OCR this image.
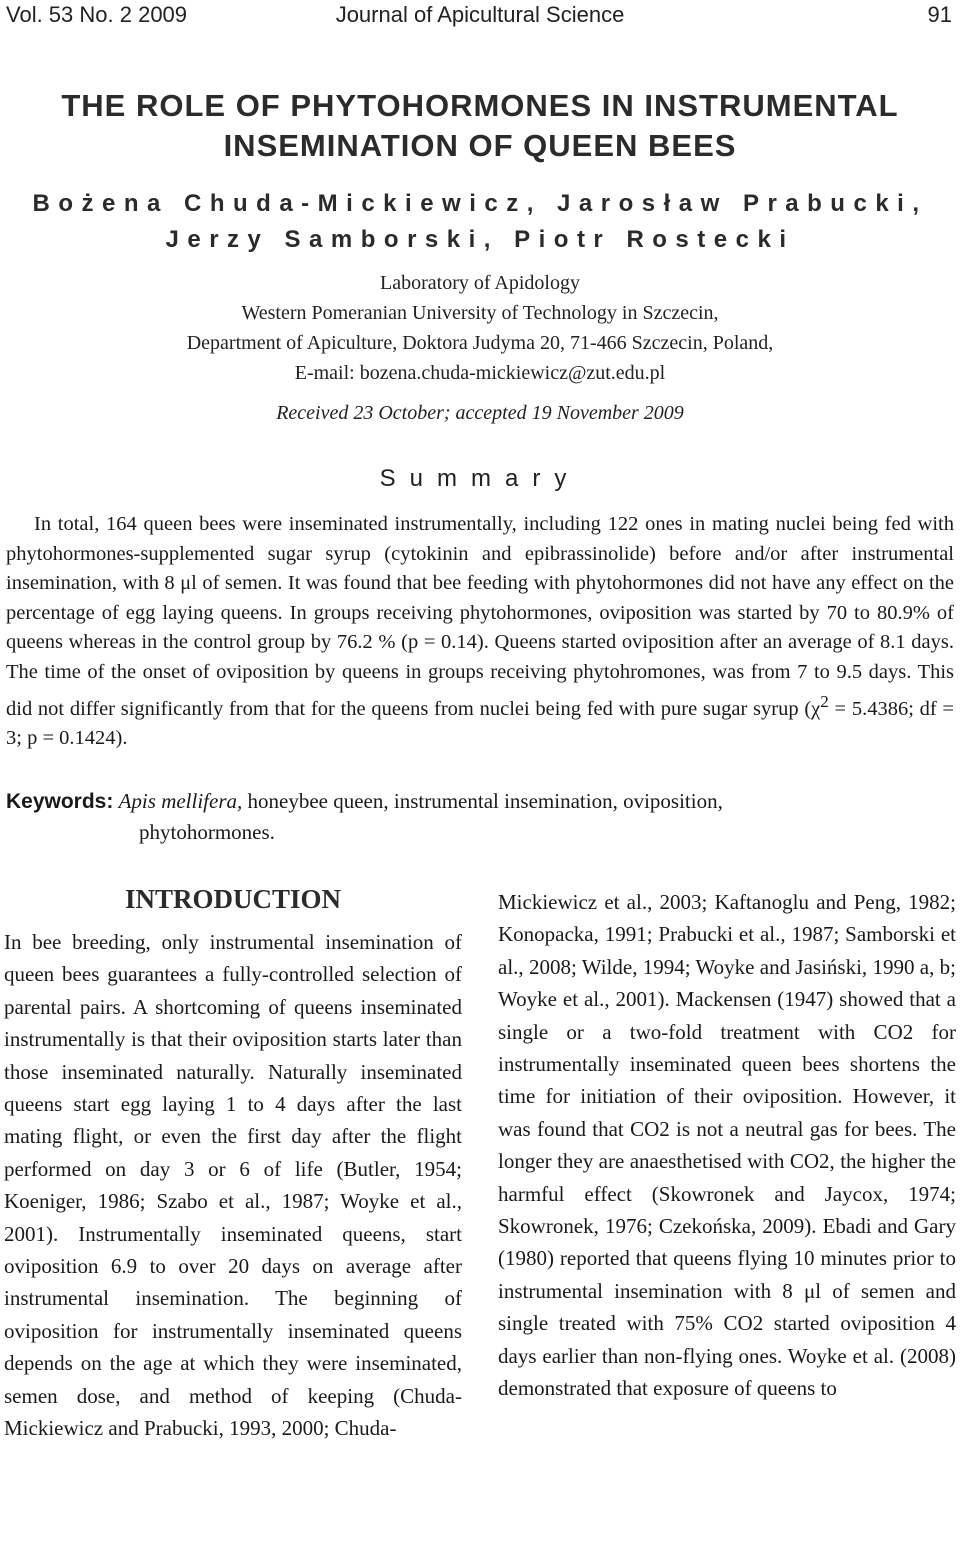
Journal of Apicultural Science
Vol. 53 No. 2 2009	91
THE ROLE OF PHYTOHORMONES IN INSTRUMENTAL
INSEMINATION OF QUEEN BEES
Bożena Chuda-Mickiewicz, Jarosław Prabucki,
Jerzy Samborski, Piotr Rostecki
Laboratory of Apidology
Western Pomeranian University of Technology in Szczecin,
Department of Apiculture, Doktora Judyma 20, 71-466 Szczecin, Poland,
E-mail: bozena.chuda-mickiewicz@zut.edu.pl
Received 23 October; accepted 19 November 2009
Summary

In total, 164 queen bees were inseminated instrumentally, including 122 ones in mating nuclei being fed with phytohormones-supplemented sugar syrup (cytokinin and epibrassinolide) before and/or after instrumental insemination, with 8 μl of semen. It was found that bee feeding with phytohormones did not have any effect on the percentage of egg laying queens. In groups receiving phytohormones, oviposition was started by 70 to 80.9% of queens whereas in the control group by 76.2 % (p = 0.14). Queens started oviposition after an average of 8.1 days. The time of the onset of oviposition by queens in groups receiving phytohromones, was from 7 to 9.5 days. This did not differ significantly from that for the queens from nuclei being fed with pure sugar syrup ($\chi^2 = 5.4386$; df = 3; p = 0.1424).

Keywords: Apis mellifera, honeybee queen, instrumental insemination, oviposition,
phytohormones.
INTRODUCTION

In bee breeding, only instrumental insemination of queen bees guarantees a fully-controlled selection of parental pairs. A shortcoming of queens inseminated instrumentally is that their oviposition starts later than those inseminated naturally. Naturally inseminated queens start egg laying 1 to 4 days after the last mating flight, or even the first day after the flight performed on day 3 or 6 of life (Butler, 1954; Koeniger, 1986; Szabo et al., 1987; Woyke et al., 2001). Instrumentally inseminated queens, start oviposition 6.9 to over 20 days on average after instrumental insemination. The beginning of oviposition for instrumentally inseminated queens depends on the age at which they were inseminated, semen dose, and method of keeping (Chuda-Mickiewicz and Prabucki, 1993, 2000; Chuda-

Mickiewicz et al., 2003; Kaftanoglu and Peng, 1982; Konopacka, 1991; Prabucki et al., 1987; Samborski et al., 2008; Wilde, 1994; Woyke and Jasiński, 1990 a, b; Woyke et al., 2001). Mackensen (1947) showed that a single or a two-fold treatment with CO2 for instrumentally inseminated queen bees shortens the time for initiation of their oviposition. However, it was found that CO2 is not a neutral gas for bees. The longer they are anaesthetised with CO2, the higher the harmful effect (Skowronek and Jaycox, 1974; Skowronek, 1976; Czekońska, 2009). Ebadi and Gary (1980) reported that queens flying 10 minutes prior to instrumental insemination with 8 μl of semen and single treated with 75% CO2 started oviposition 4 days earlier than non-flying ones. Woyke et al. (2008) demonstrated that exposure of queens to
